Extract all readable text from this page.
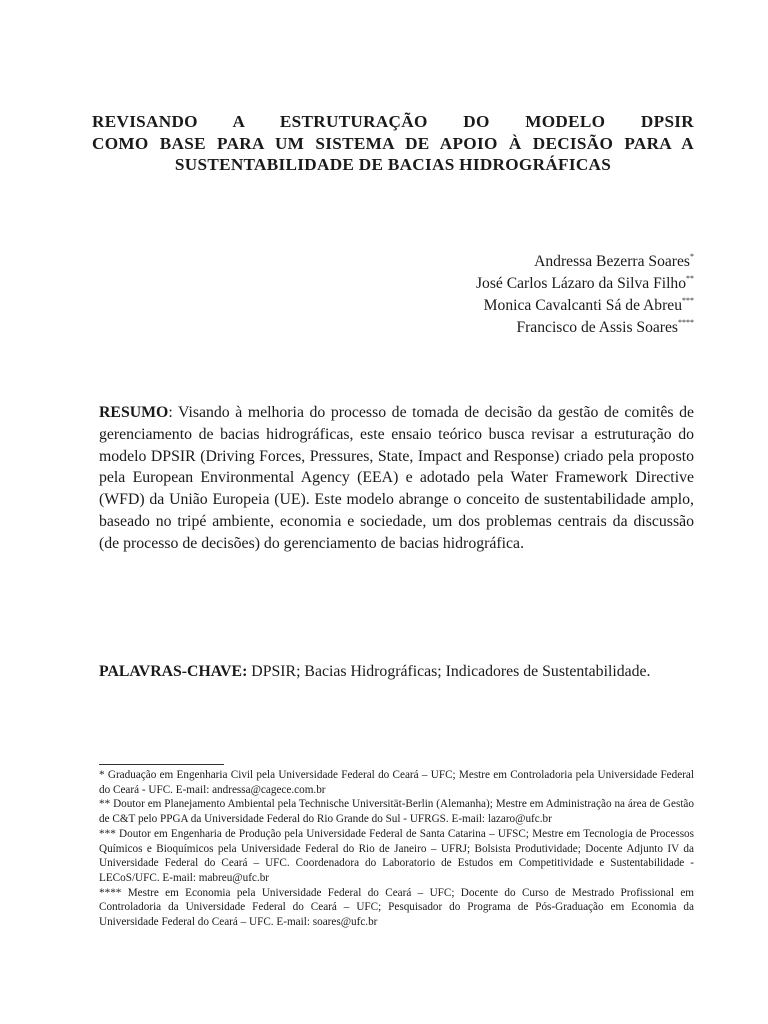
REVISANDO A ESTRUTURAÇÃO DO MODELO DPSIR
COMO BASE PARA UM SISTEMA DE APOIO À DECISÃO PARA A
SUSTENTABILIDADE DE BACIAS HIDROGRÁFICAS
Andressa Bezerra Soares*
José Carlos Lázaro da Silva Filho**
Monica Cavalcanti Sá de Abreu***
Francisco de Assis Soares****

RESUMO: Visando à melhoria do processo de tomada de decisão da gestão de comitês de gerenciamento de bacias hidrográficas, este ensaio teórico busca revisar a estruturação do modelo DPSIR (Driving Forces, Pressures, State, Impact and Response) criado pela proposto pela European Environmental Agency (EEA) e adotado pela Water Framework Directive (WFD) da União Europeia (UE). Este modelo abrange o conceito de sustentabilidade amplo, baseado no tripé ambiente, economia e sociedade, um dos problemas centrais da discussão (de processo de decisões) do gerenciamento de bacias hidrográfica.

PALAVRAS-CHAVE: DPSIR; Bacias Hidrográficas; Indicadores de Sustentabilidade.

* Graduação em Engenharia Civil pela Universidade Federal do Ceará – UFC; Mestre em Controladoria pela Universidade Federal do Ceará - UFC. E-mail: andressa@cagece.com.br

** Doutor em Planejamento Ambiental pela Technische Universität-Berlin (Alemanha); Mestre em Administração na área de Gestão de C&T pelo PPGA da Universidade Federal do Rio Grande do Sul - UFRGS. E-mail: lazaro@ufc.br

*** Doutor em Engenharia de Produção pela Universidade Federal de Santa Catarina – UFSC; Mestre em Tecnologia de Processos Químicos e Bioquímicos pela Universidade Federal do Rio de Janeiro – UFRJ; Bolsista Produtividade; Docente Adjunto IV da Universidade Federal do Ceará – UFC. Coordenadora do Laboratorio de Estudos em Competitividade e Sustentabilidade - LECoS/UFC. E-mail: mabreu@ufc.br

**** Mestre em Economia pela Universidade Federal do Ceará – UFC; Docente do Curso de Mestrado Profissional em Controladoria da Universidade Federal do Ceará – UFC; Pesquisador do Programa de Pós-Graduação em Economia da Universidade Federal do Ceará – UFC. E-mail: soares@ufc.br
